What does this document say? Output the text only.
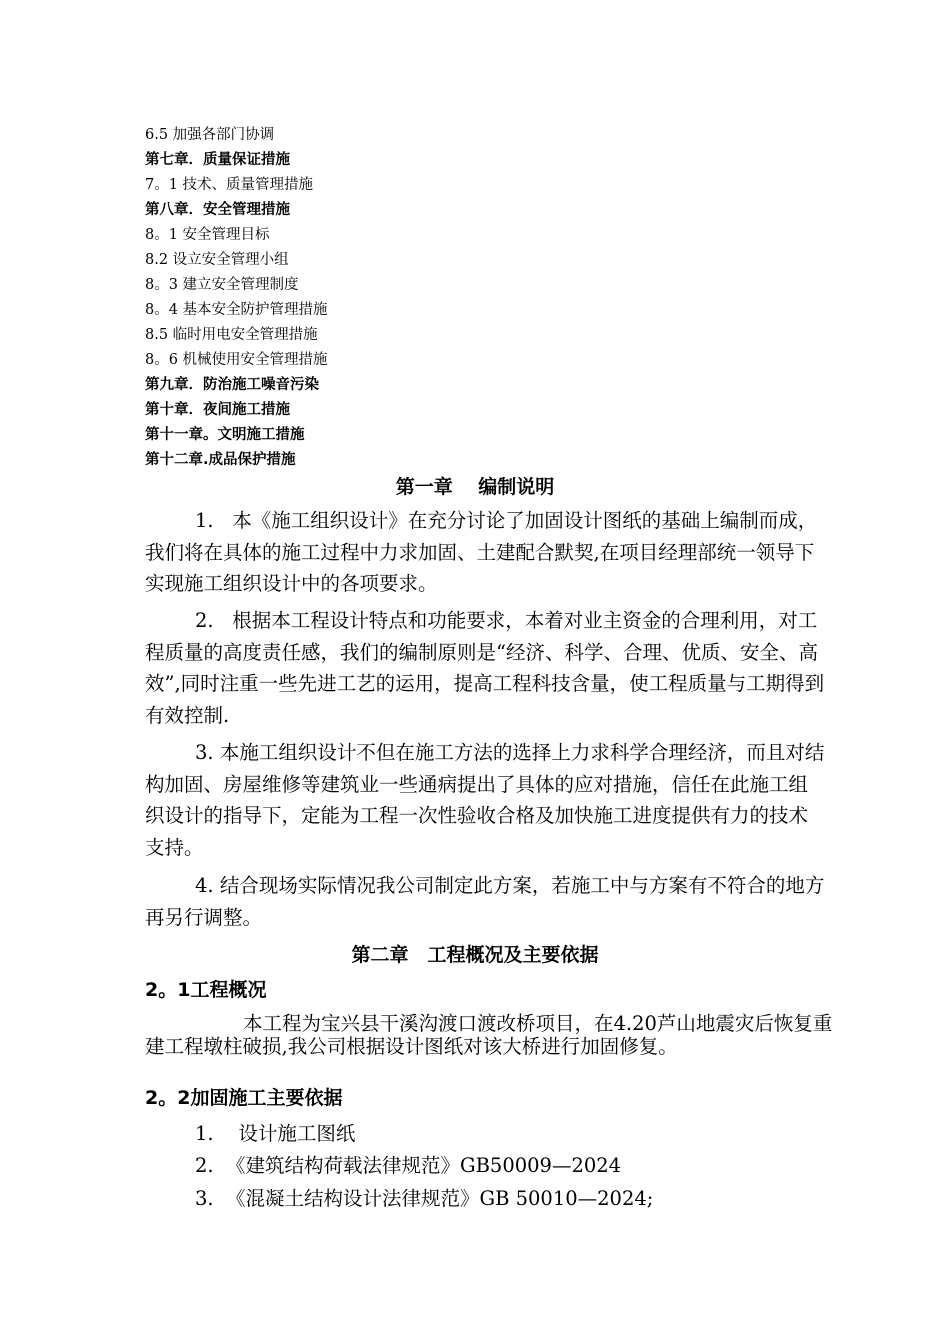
6.5 加强各部门协调
第七章．质量保证措施
7。1 技术、质量管理措施
第八章．安全管理措施
8。1 安全管理目标
8.2 设立安全管理小组
8。3 建立安全管理制度
8。4 基本安全防护管理措施
8.5 临时用电安全管理措施
8。6 机械使用安全管理措施
第九章．防治施工噪音污染
第十章．夜间施工措施
第十一章。文明施工措施
第十二章.成品保护措施
第一章　 编制说明
1. 本《施工组织设计》在充分讨论了加固设计图纸的基础上编制而成，我们将在具体的施工过程中力求加固、土建配合默契,在项目经理部统一领导下实现施工组织设计中的各项要求。
2. 根据本工程设计特点和功能要求，本着对业主资金的合理利用，对工程质量的高度责任感，我们的编制原则是“经济、科学、合理、优质、安全、高效”,同时注重一些先进工艺的运用，提高工程科技含量，使工程质量与工期得到有效控制.
3. 本施工组织设计不但在施工方法的选择上力求科学合理经济，而且对结构加固、房屋维修等建筑业一些通病提出了具体的应对措施，信任在此施工组织设计的指导下，定能为工程一次性验收合格及加快施工进度提供有力的技术支持。
4. 结合现场实际情况我公司制定此方案，若施工中与方案有不符合的地方再另行调整。
第二章　工程概况及主要依据
2。1工程概况
本工程为宝兴县干溪沟渡口渡改桥项目，在4.20芦山地震灾后恢复重建工程墩柱破损,我公司根据设计图纸对该大桥进行加固修复。
2。2加固施工主要依据
1. 设计施工图纸
2. 《建筑结构荷载法律规范》GB50009—2024
3. 《混凝土结构设计法律规范》GB 50010—2024;
